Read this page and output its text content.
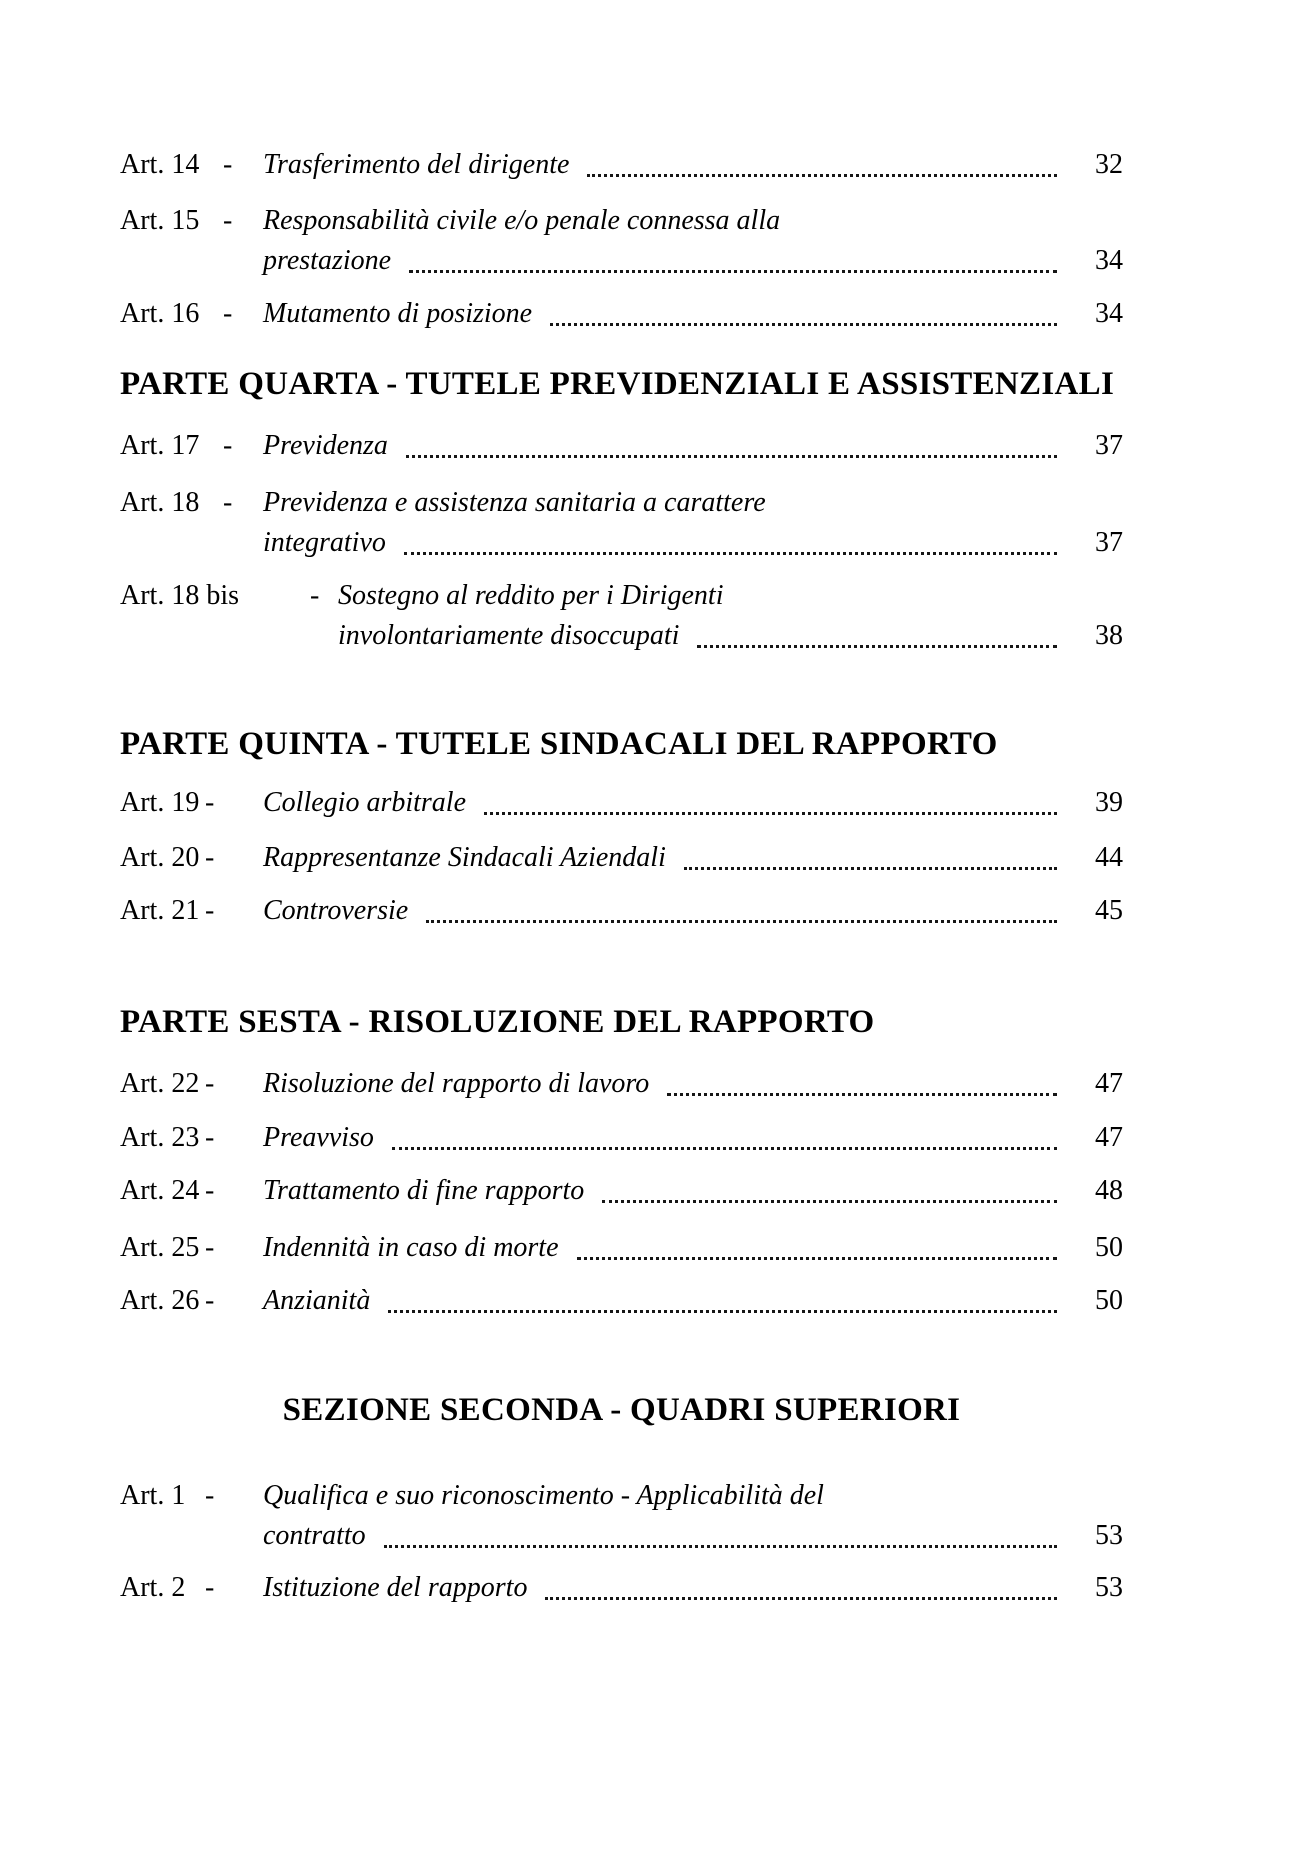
Art. 14 -	Trasferimento del dirigente	32
Art. 15 -	Responsabilità civile e/o penale connessa alla
prestazione	34
Art. 16 -	Mutamento di posizione	34
PARTE QUARTA - TUTELE PREVIDENZIALI E ASSISTENZIALI
Art. 17 -	Previdenza	37
Art. 18 -	Previdenza e assistenza sanitaria a carattere
integrativo	37
Art. 18 bis	- Sostegno al reddito per i Dirigenti
involontariamente disoccupati	38
PARTE QUINTA - TUTELE SINDACALI DEL RAPPORTO
Art. 19 -	Collegio arbitrale	39
Art. 20 -	Rappresentanze Sindacali Aziendali	44
Art. 21 -	Controversie	45
PARTE SESTA - RISOLUZIONE DEL RAPPORTO
Art. 22 -	Risoluzione del rapporto di lavoro	47
Art. 23 -	Preavviso	47
Art. 24 -	Trattamento di fine rapporto	48
Art. 25 -	Indennità in caso di morte	50
Art. 26 -	Anzianità	50
SEZIONE SECONDA - QUADRI SUPERIORI
Art. 1 -	Qualifica e suo riconoscimento - Applicabilità del
contratto	53
Art. 2 -	Istituzione del rapporto	53
